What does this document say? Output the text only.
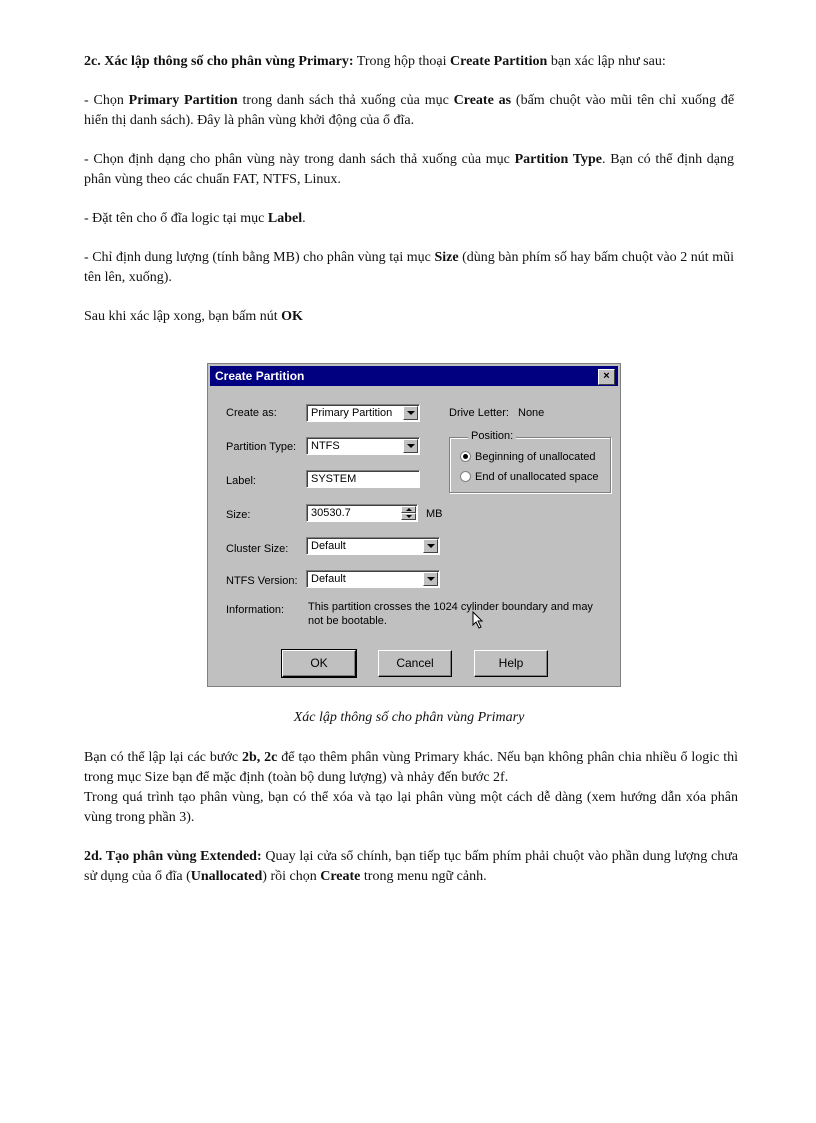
2c. Xác lập thông số cho phân vùng Primary: Trong hộp thoại Create Partition bạn xác lập như sau:

- Chọn Primary Partition trong danh sách thả xuống của mục Create as (bấm chuột vào mũi tên chỉ xuống để hiển thị danh sách). Đây là phân vùng khởi động của ổ đĩa.

- Chọn định dạng cho phân vùng này trong danh sách thả xuống của mục Partition Type. Bạn có thể định dạng phân vùng theo các chuẩn FAT, NTFS, Linux.

- Đặt tên cho ổ đĩa logic tại mục Label.

- Chỉ định dung lượng (tính bằng MB) cho phân vùng tại mục Size (dùng bàn phím số hay bấm chuột vào 2 nút mũi tên lên, xuống).

Sau khi xác lập xong, bạn bấm nút OK

Create Partition	×
Create as:	Primary Partition	Drive Letter: None
Partition Type:	NTFS
Position:
Beginning of unallocated
End of unallocated space
Label:	SYSTEM
Size:	30530.7	MB
Cluster Size:	Default
NTFS Version:	Default
Information: This partition crosses the 1024 cylinder boundary and may not be bootable.
OK	Cancel	Help
Xác lập thông số cho phân vùng Primary

Bạn có thể lập lại các bước 2b, 2c để tạo thêm phân vùng Primary khác. Nếu bạn không phân chia nhiều ổ logic thì trong mục Size bạn để mặc định (toàn bộ dung lượng) và nhảy đến bước 2f.

Trong quá trình tạo phân vùng, bạn có thể xóa và tạo lại phân vùng một cách dễ dàng (xem hướng dẫn xóa phân vùng trong phần 3).

2d. Tạo phân vùng Extended: Quay lại cửa sổ chính, bạn tiếp tục bấm phím phải chuột vào phần dung lượng chưa sử dụng của ổ đĩa (Unallocated) rồi chọn Create trong menu ngữ cảnh.
